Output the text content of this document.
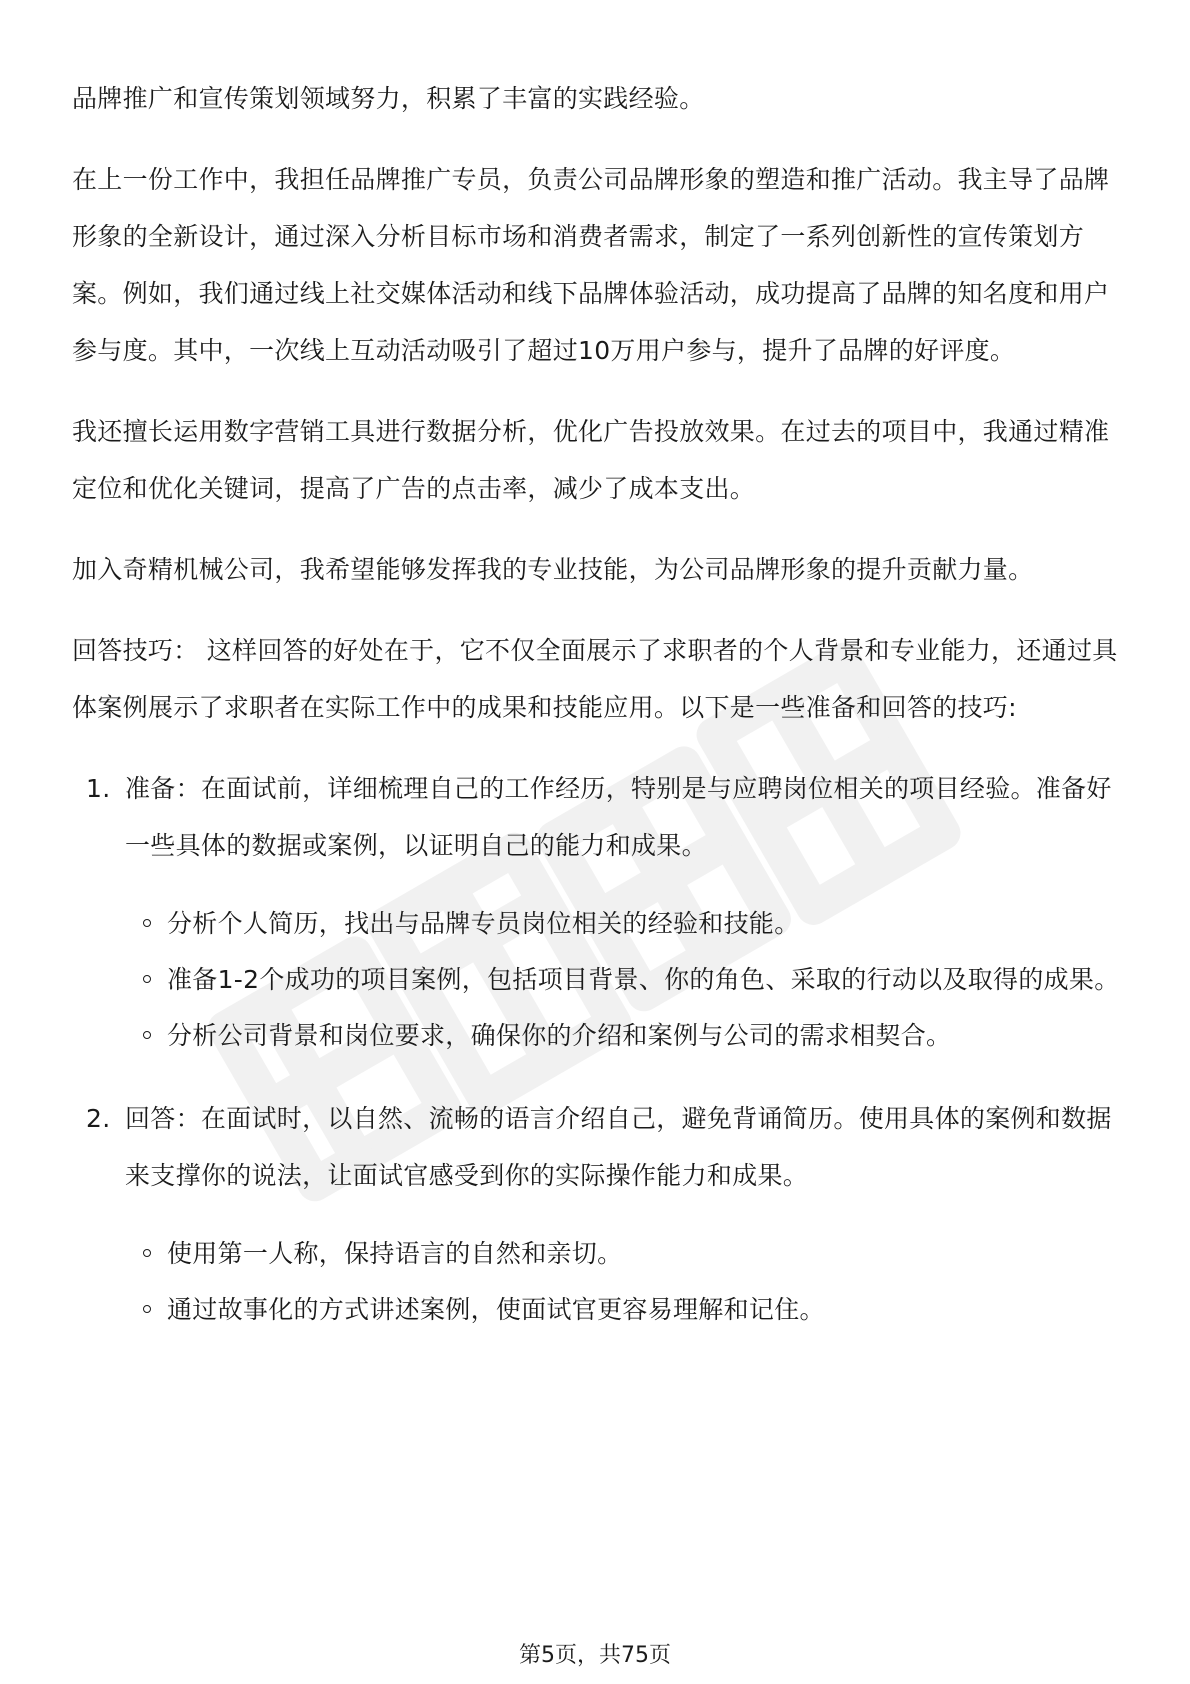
品牌推广和宣传策划领域努力，积累了丰富的实践经验。

在上一份工作中，我担任品牌推广专员，负责公司品牌形象的塑造和推广活动。我主导了品牌形象的全新设计，通过深入分析目标市场和消费者需求，制定了一系列创新性的宣传策划方案。例如，我们通过线上社交媒体活动和线下品牌体验活动，成功提高了品牌的知名度和用户参与度。其中，一次线上互动活动吸引了超过10万用户参与，提升了品牌的好评度。

我还擅长运用数字营销工具进行数据分析，优化广告投放效果。在过去的项目中，我通过精准定位和优化关键词，提高了广告的点击率，减少了成本支出。

加入奇精机械公司，我希望能够发挥我的专业技能，为公司品牌形象的提升贡献力量。

回答技巧： 这样回答的好处在于，它不仅全面展示了求职者的个人背景和专业能力，还通过具体案例展示了求职者在实际工作中的成果和技能应用。以下是一些准备和回答的技巧:

1. 准备：在面试前，详细梳理自己的工作经历，特别是与应聘岗位相关的项目经验。准备好一些具体的数据或案例，以证明自己的能力和成果。
分析个人简历，找出与品牌专员岗位相关的经验和技能。
准备1-2个成功的项目案例，包括项目背景、你的角色、采取的行动以及取得的成果。
分析公司背景和岗位要求，确保你的介绍和案例与公司的需求相契合。
2. 回答：在面试时，以自然、流畅的语言介绍自己，避免背诵简历。使用具体的案例和数据来支撑你的说法，让面试官感受到你的实际操作能力和成果。
使用第一人称，保持语言的自然和亲切。
通过故事化的方式讲述案例，使面试官更容易理解和记住。
第5页，共75页
